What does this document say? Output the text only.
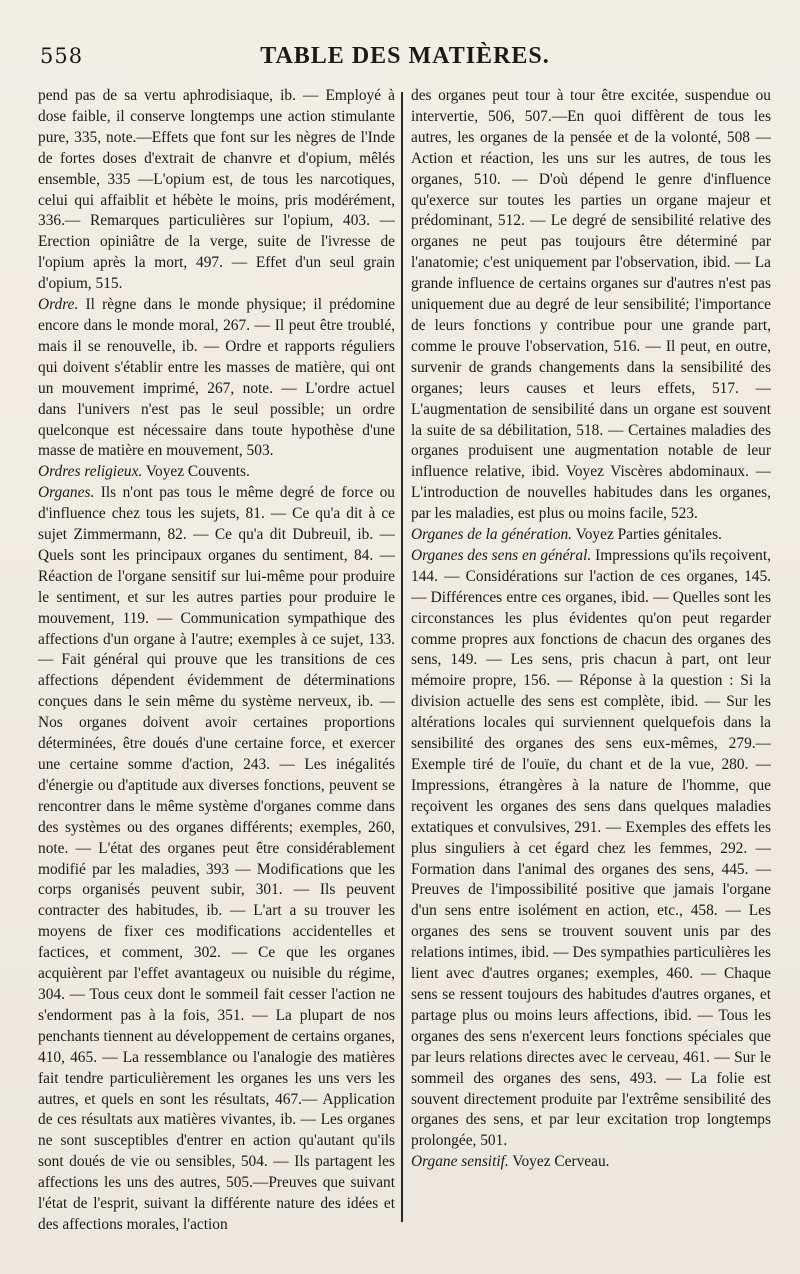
558	TABLE DES MATIÈRES.

pend pas de sa vertu aphrodisiaque, ib. — Employé à dose faible, il conserve longtemps une action stimulante pure, 335, note.—Effets que font sur les nègres de l'Inde de fortes doses d'extrait de chanvre et d'opium, mêlés ensemble, 335 —L'opium est, de tous les narcotiques, celui qui affaiblit et hébète le moins, pris modérément, 336.— Remarques particulières sur l'opium, 403. — Erection opiniâtre de la verge, suite de l'ivresse de l'opium après la mort, 497. — Effet d'un seul grain d'opium, 515.

Ordre. Il règne dans le monde physique; il prédomine encore dans le monde moral, 267. — Il peut être troublé, mais il se renouvelle, ib. — Ordre et rapports réguliers qui doivent s'établir entre les masses de matière, qui ont un mouvement imprimé, 267, note. — L'ordre actuel dans l'univers n'est pas le seul possible; un ordre quelconque est nécessaire dans toute hypothèse d'une masse de matière en mouvement, 503.

Ordres religieux. Voyez Couvents.

Organes. Ils n'ont pas tous le même degré de force ou d'influence chez tous les sujets, 81. — Ce qu'a dit à ce sujet Zimmermann, 82. — Ce qu'a dit Dubreuil, ib. — Quels sont les principaux organes du sentiment, 84. — Réaction de l'organe sensitif sur lui-même pour produire le sentiment, et sur les autres parties pour produire le mouvement, 119. — Communication sympathique des affections d'un organe à l'autre; exemples à ce sujet, 133. — Fait général qui prouve que les transitions de ces affections dépendent évidemment de déterminations conçues dans le sein même du système nerveux, ib. — Nos organes doivent avoir certaines proportions déterminées, être doués d'une certaine force, et exercer une certaine somme d'action, 243. — Les inégalités d'énergie ou d'aptitude aux diverses fonctions, peuvent se rencontrer dans le même système d'organes comme dans des systèmes ou des organes différents; exemples, 260, note. — L'état des organes peut être considérablement modifié par les maladies, 393 — Modifications que les corps organisés peuvent subir, 301. — Ils peuvent contracter des habitudes, ib. — L'art a su trouver les moyens de fixer ces modifications accidentelles et factices, et comment, 302. — Ce que les organes acquièrent par l'effet avantageux ou nuisible du régime, 304. — Tous ceux dont le sommeil fait cesser l'action ne s'endorment pas à la fois, 351. — La plupart de nos penchants tiennent au développement de certains organes, 410, 465. — La ressemblance ou l'analogie des matières fait tendre particulièrement les organes les uns vers les autres, et quels en sont les résultats, 467.— Application de ces résultats aux matières vivantes, ib. — Les organes ne sont susceptibles d'entrer en action qu'autant qu'ils sont doués de vie ou sensibles, 504. — Ils partagent les affections les uns des autres, 505.—Preuves que suivant l'état de l'esprit, suivant la différente nature des idées et des affections morales, l'action

des organes peut tour à tour être excitée, suspendue ou intervertie, 506, 507.—En quoi diffèrent de tous les autres, les organes de la pensée et de la volonté, 508 — Action et réaction, les uns sur les autres, de tous les organes, 510. — D'où dépend le genre d'influence qu'exerce sur toutes les parties un organe majeur et prédominant, 512. — Le degré de sensibilité relative des organes ne peut pas toujours être déterminé par l'anatomie; c'est uniquement par l'observation, ibid. — La grande influence de certains organes sur d'autres n'est pas uniquement due au degré de leur sensibilité; l'importance de leurs fonctions y contribue pour une grande part, comme le prouve l'observation, 516. — Il peut, en outre, survenir de grands changements dans la sensibilité des organes; leurs causes et leurs effets, 517. — L'augmentation de sensibilité dans un organe est souvent la suite de sa débilitation, 518. — Certaines maladies des organes produisent une augmentation notable de leur influence relative, ibid. Voyez Viscères abdominaux. — L'introduction de nouvelles habitudes dans les organes, par les maladies, est plus ou moins facile, 523.

Organes de la génération. Voyez Parties génitales.

Organes des sens en général. Impressions qu'ils reçoivent, 144. — Considérations sur l'action de ces organes, 145. — Différences entre ces organes, ibid. — Quelles sont les circonstances les plus évidentes qu'on peut regarder comme propres aux fonctions de chacun des organes des sens, 149. — Les sens, pris chacun à part, ont leur mémoire propre, 156. — Réponse à la question : Si la division actuelle des sens est complète, ibid. — Sur les altérations locales qui surviennent quelquefois dans la sensibilité des organes des sens eux-mêmes, 279.—Exemple tiré de l'ouïe, du chant et de la vue, 280. — Impressions, étrangères à la nature de l'homme, que reçoivent les organes des sens dans quelques maladies extatiques et convulsives, 291. — Exemples des effets les plus singuliers à cet égard chez les femmes, 292. — Formation dans l'animal des organes des sens, 445. — Preuves de l'impossibilité positive que jamais l'organe d'un sens entre isolément en action, etc., 458. — Les organes des sens se trouvent souvent unis par des relations intimes, ibid. — Des sympathies particulières les lient avec d'autres organes; exemples, 460. — Chaque sens se ressent toujours des habitudes d'autres organes, et partage plus ou moins leurs affections, ibid. — Tous les organes des sens n'exercent leurs fonctions spéciales que par leurs relations directes avec le cerveau, 461. — Sur le sommeil des organes des sens, 493. — La folie est souvent directement produite par l'extrême sensibilité des organes des sens, et par leur excitation trop longtemps prolongée, 501.

Organe sensitif. Voyez Cerveau.
